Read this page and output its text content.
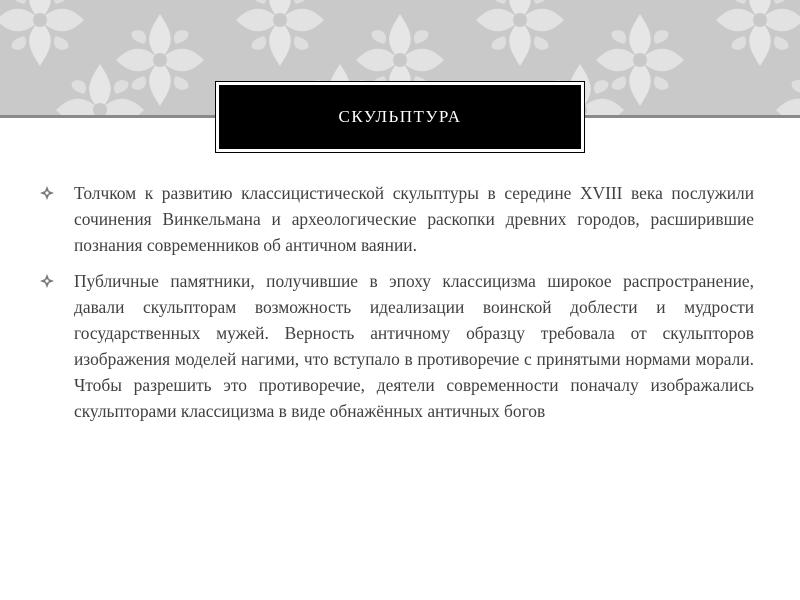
СКУЛЬПТУРА
Толчком к развитию классицистической скульптуры в середине XVIII века послужили сочинения Винкельмана и археологические раскопки древних городов, расширившие познания современников об античном ваянии.
Публичные памятники, получившие в эпоху классицизма широкое распространение, давали скульпторам возможность идеализации воинской доблести и мудрости государственных мужей. Верность античному образцу требовала от скульпторов изображения моделей нагими, что вступало в противоречие с принятыми нормами морали. Чтобы разрешить это противоречие, деятели современности поначалу изображались скульпторами классицизма в виде обнажённых античных богов
